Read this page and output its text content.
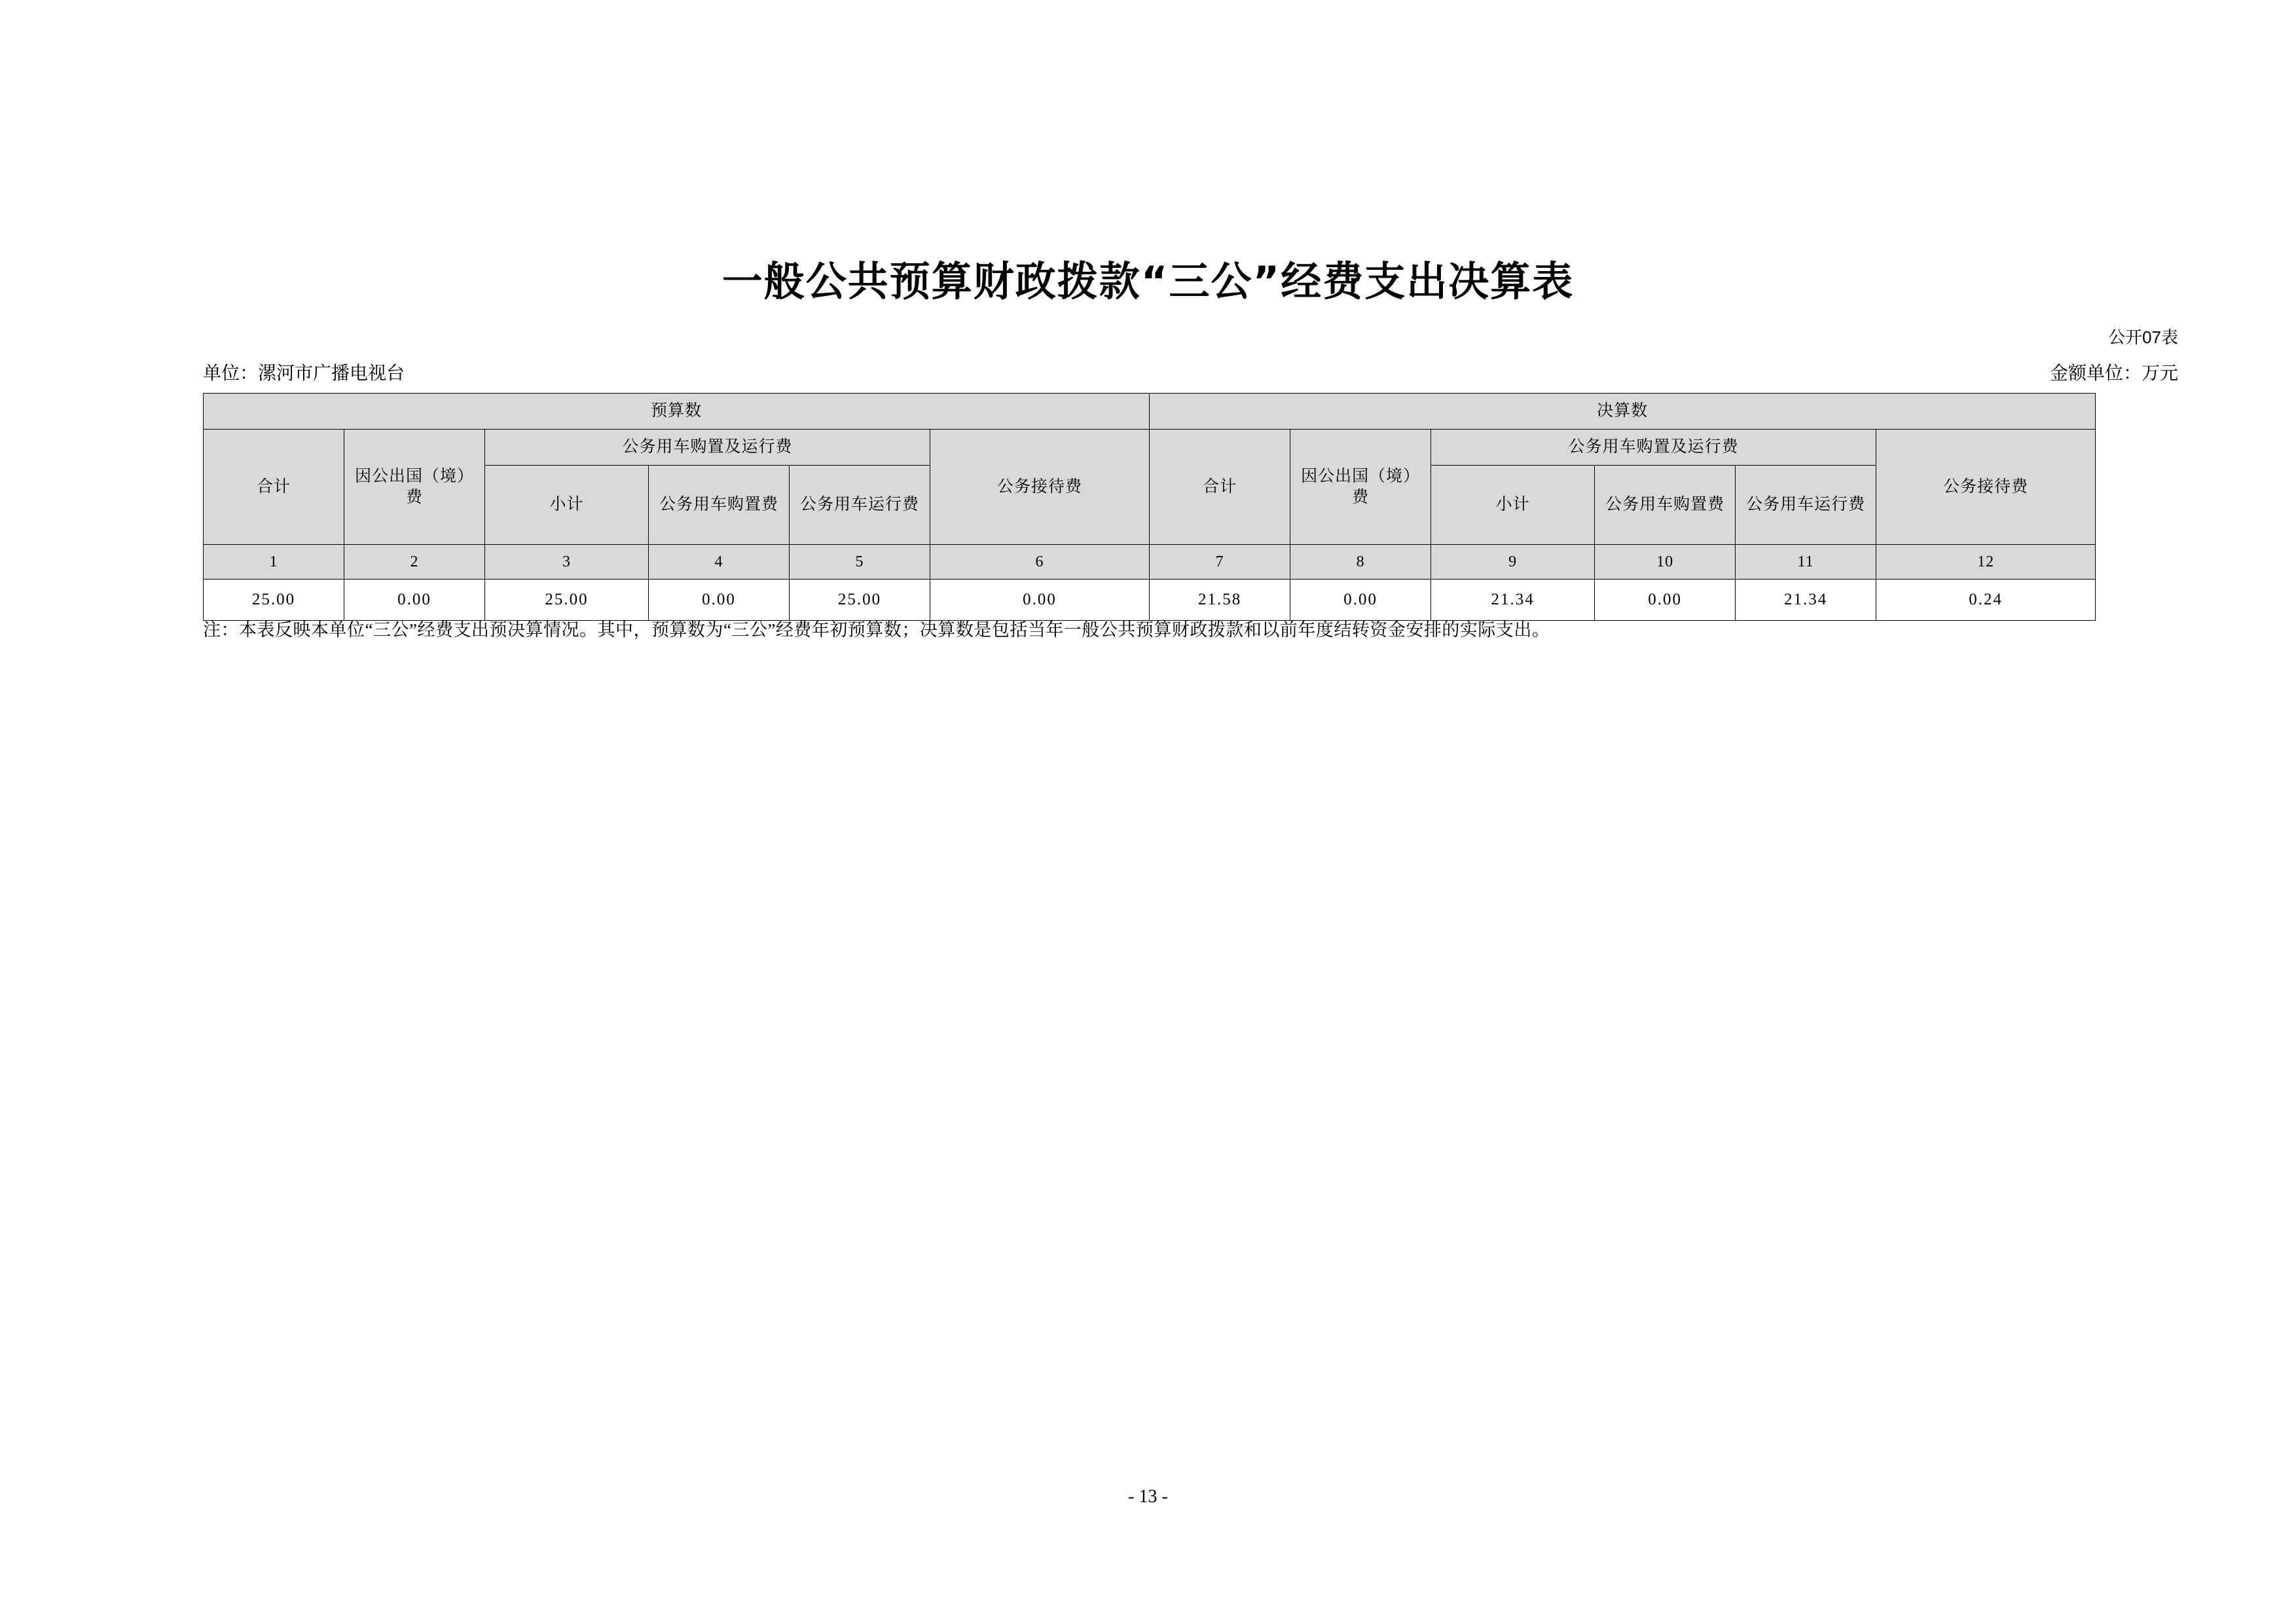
一般公共预算财政拨款“三公”经费支出决算表
公开07表
单位：漯河市广播电视台	金额单位：万元
预算数						决算数					
合计	因公出国（境）费	公务用车购置及运行费			公务接待费	合计	因公出国（境）费	公务用车购置及运行费			公务接待费
		小计	公务用车购置费	公务用车运行费				小计	公务用车购置费	公务用车运行费	
1	2	3	4	5	6	7	8	9	10	11	12
25.00	0.00	25.00	0.00	25.00	0.00	21.58	0.00	21.34	0.00	21.34	0.24
注：本表反映本单位“三公”经费支出预决算情况。其中，预算数为“三公”经费年初预算数；决算数是包括当年一般公共预算财政拨款和以前年度结转资金安排的实际支出。
- 13 -
